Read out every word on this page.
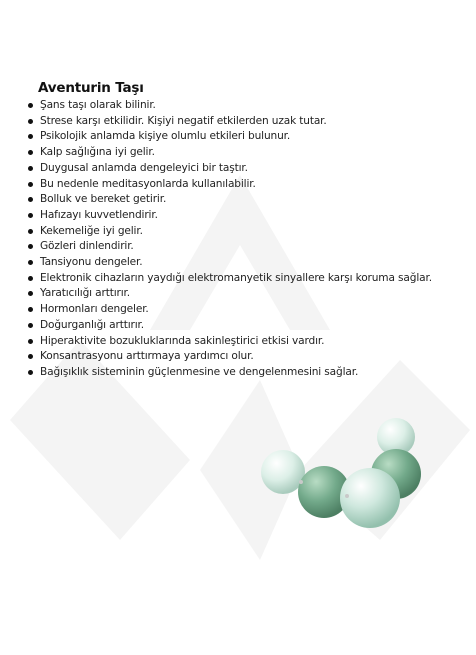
Aventurin Taşı
Şans taşı olarak bilinir.
Strese karşı etkilidir. Kişiyi negatif etkilerden uzak tutar.
Psikolojik anlamda kişiye olumlu etkileri bulunur.
Kalp sağlığına iyi gelir.
Duygusal anlamda dengeleyici bir taştır.
Bu nedenle meditasyonlarda kullanılabilir.
Bolluk ve bereket getirir.
Hafızayı kuvvetlendirir.
Kekemeliğe iyi gelir.
Gözleri dinlendirir.
Tansiyonu dengeler.
Elektronik cihazların yaydığı elektromanyetik sinyallere karşı koruma sağlar.
Yaratıcılığı arttırır.
Hormonları dengeler.
Doğurganlığı arttırır.
Hiperaktivite bozukluklarında sakinleştirici etkisi vardır.
Konsantrasyonu arttırmaya yardımcı olur.
Bağışıklık sisteminin güçlenmesine ve dengelenmesini sağlar.
